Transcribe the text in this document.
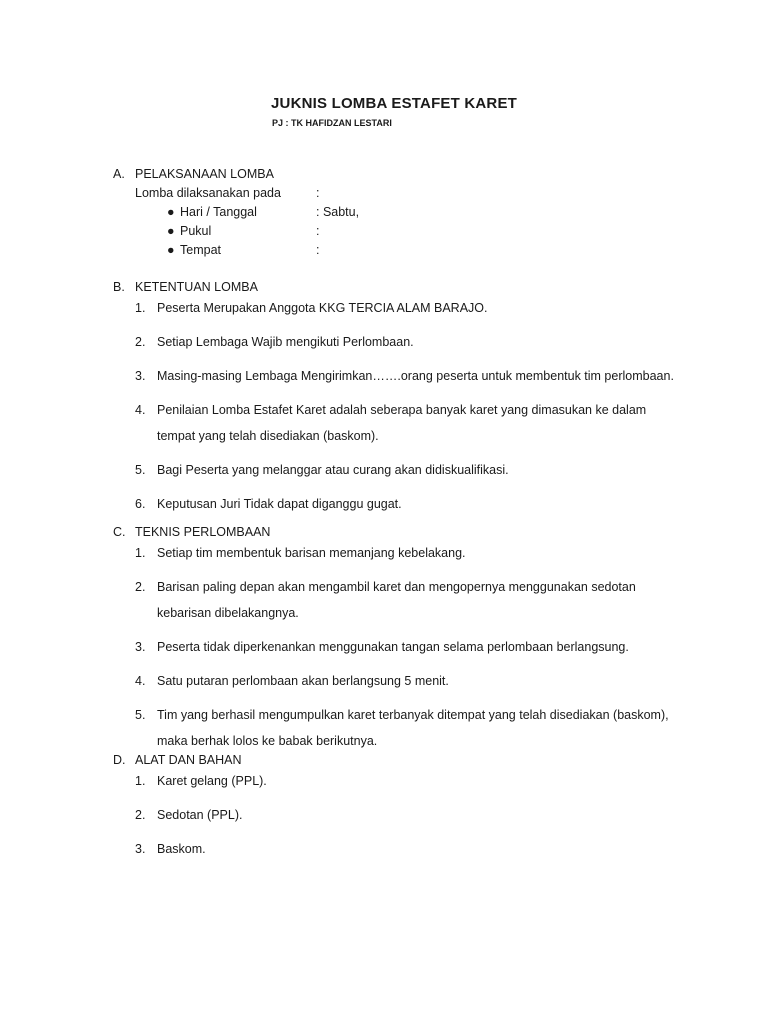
JUKNIS LOMBA ESTAFET KARET
PJ : TK HAFIDZAN LESTARI
A. PELAKSANAAN LOMBA
Lomba dilaksanakan pada	:
● Hari / Tanggal	: Sabtu,
● Pukul	:
● Tempat	:
B. KETENTUAN LOMBA
1. Peserta Merupakan Anggota KKG TERCIA ALAM BARAJO.
2. Setiap Lembaga Wajib mengikuti Perlombaan.
3. Masing-masing Lembaga Mengirimkan…….orang peserta untuk membentuk tim perlombaan.
4. Penilaian Lomba Estafet Karet adalah seberapa banyak karet yang dimasukan ke dalam tempat yang telah disediakan (baskom).
5. Bagi Peserta yang melanggar atau curang akan didiskualifikasi.
6. Keputusan Juri Tidak dapat diganggu gugat.
C. TEKNIS PERLOMBAAN
1. Setiap tim membentuk barisan memanjang kebelakang.
2. Barisan paling depan akan mengambil karet dan mengopernya menggunakan sedotan kebarisan dibelakangnya.
3. Peserta tidak diperkenankan menggunakan tangan selama perlombaan berlangsung.
4. Satu putaran perlombaan akan berlangsung 5 menit.
5. Tim yang berhasil mengumpulkan karet terbanyak ditempat yang telah disediakan (baskom), maka berhak lolos ke babak berikutnya.
D. ALAT DAN BAHAN
1. Karet gelang (PPL).
2. Sedotan (PPL).
3. Baskom.
